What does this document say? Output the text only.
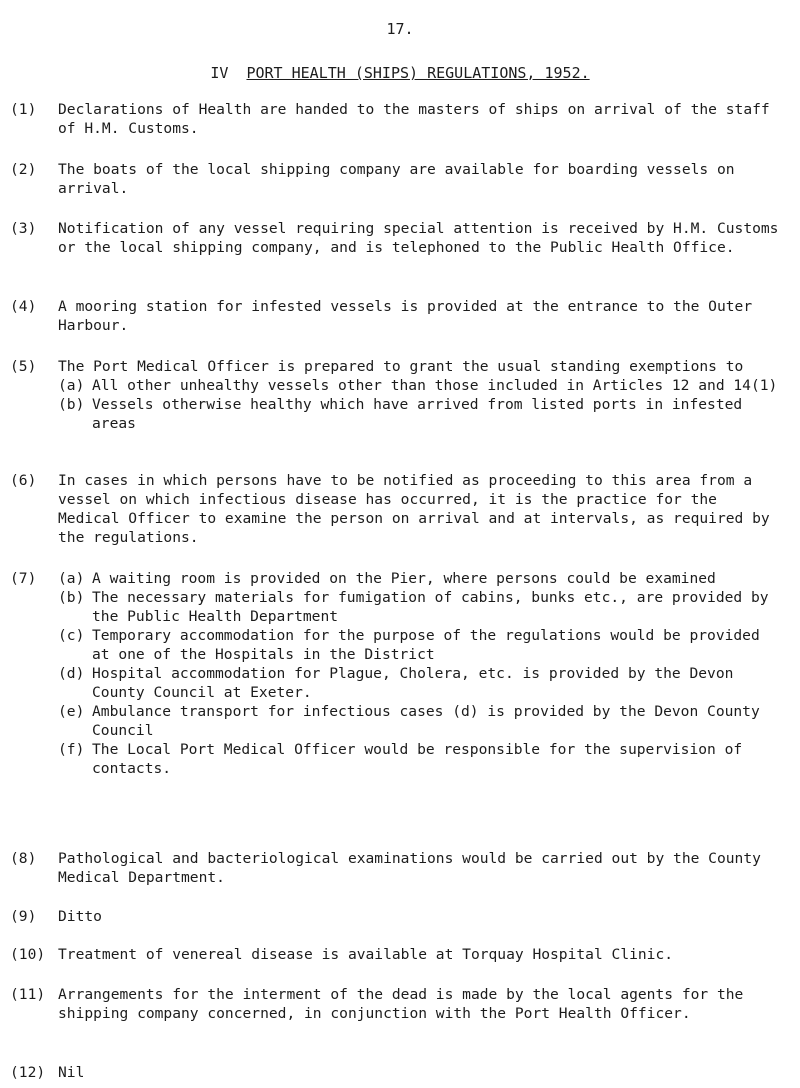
17.
IV PORT HEALTH (SHIPS) REGULATIONS, 1952.
(1)	Declarations of Health are handed to the masters of ships on arrival of the staff of H.M. Customs.

(2)	The boats of the local shipping company are available for boarding vessels on arrival.

(3)	Notification of any vessel requiring special attention is received by H.M. Customs or the local shipping company, and is telephoned to the Public Health Office.

(4)	A mooring station for infested vessels is provided at the entrance to the Outer Harbour.

(5)	The Port Medical Officer is prepared to grant the usual standing exemptions to

(a) All other unhealthy vessels other than those included in Articles 12 and 14(1)

(b) Vessels otherwise healthy which have arrived from listed ports in infested areas

(6)	In cases in which persons have to be notified as proceeding to this area from a vessel on which infectious disease has occurred, it is the practice for the Medical Officer to examine the person on arrival and at intervals, as required by the regulations.

(7)	(a) A waiting room is provided on the Pier, where persons could be examined

(b) The necessary materials for fumigation of cabins, bunks etc., are provided by the Public Health Department

(c) Temporary accommodation for the purpose of the regulations would be provided at one of the Hospitals in the District

(d) Hospital accommodation for Plague, Cholera, etc. is provided by the Devon County Council at Exeter.

(e) Ambulance transport for infectious cases (d) is provided by the Devon County Council

(f) The Local Port Medical Officer would be responsible for the supervision of contacts.

(8)	Pathological and bacteriological examinations would be carried out by the County Medical Department.

(9)	Ditto

(10) Treatment of venereal disease is available at Torquay Hospital Clinic.

(11) Arrangements for the interment of the dead is made by the local agents for the shipping company concerned, in conjunction with the Port Health Officer.

(12) Nil
